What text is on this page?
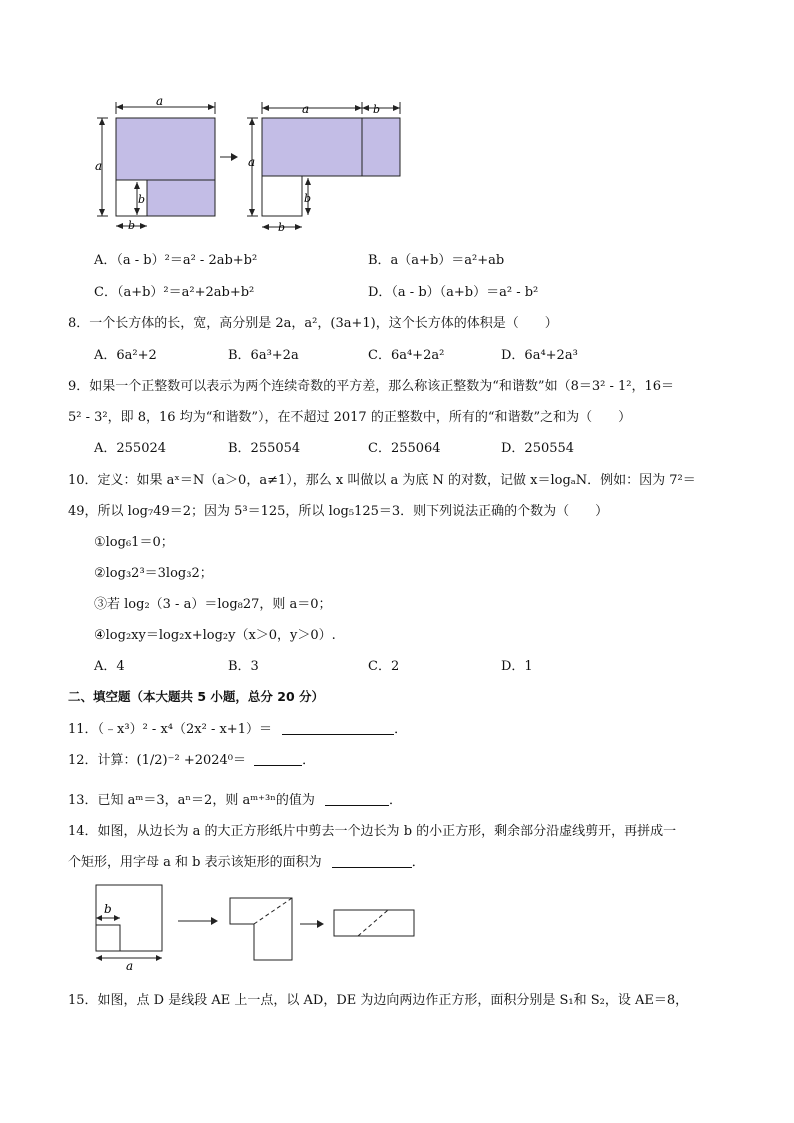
a
a
b
b
a	b
a
b
b
A．（a - b）²＝a² - 2ab+b²	B．a（a+b）＝a²+ab
C．（a+b）²＝a²+2ab+b²	D．（a - b）（a+b）＝a² - b²
8．一个长方体的长，宽，高分别是 2a，a²，(3a+1)，这个长方体的体积是（　　）
A．6a²+2	B．6a³+2a	C．6a⁴+2a²	D．6a⁴+2a³
9．如果一个正整数可以表示为两个连续奇数的平方差，那么称该正整数为“和谐数”如（8＝3² - 1²，16＝
5² - 3²，即 8，16 均为“和谐数”），在不超过 2017 的正整数中，所有的“和谐数”之和为（　　）
A．255024	B．255054	C．255064	D．250554
10．定义：如果 aˣ＝N（a＞0，a≠1），那么 x 叫做以 a 为底 N 的对数，记做 x＝logₐN．例如：因为 7²＝
49，所以 log₇49＝2；因为 5³＝125，所以 log₅125＝3．则下列说法正确的个数为（　　）
①log₆1＝0；
②log₃2³＝3log₃2；
③若 log₂（3 - a）＝log₈27，则 a＝0；
④log₂xy＝log₂x+log₂y（x＞0，y＞0）.
A．4	B．3	C．2	D．1
二、填空题（本大题共 5 小题，总分 20 分）
11．（﹣x³）² - x⁴（2x² - x+1）＝	．
12．计算：(1/2)⁻² +2024⁰＝	．
13．已知 aᵐ＝3，aⁿ＝2，则 aᵐ⁺³ⁿ的值为	．
14．如图，从边长为 a 的大正方形纸片中剪去一个边长为 b 的小正方形，剩余部分沿虚线剪开，再拼成一
个矩形，用字母 a 和 b 表示该矩形的面积为	．
b
a
15．如图，点 D 是线段 AE 上一点，以 AD，DE 为边向两边作正方形，面积分别是 S₁和 S₂，设 AE＝8，
